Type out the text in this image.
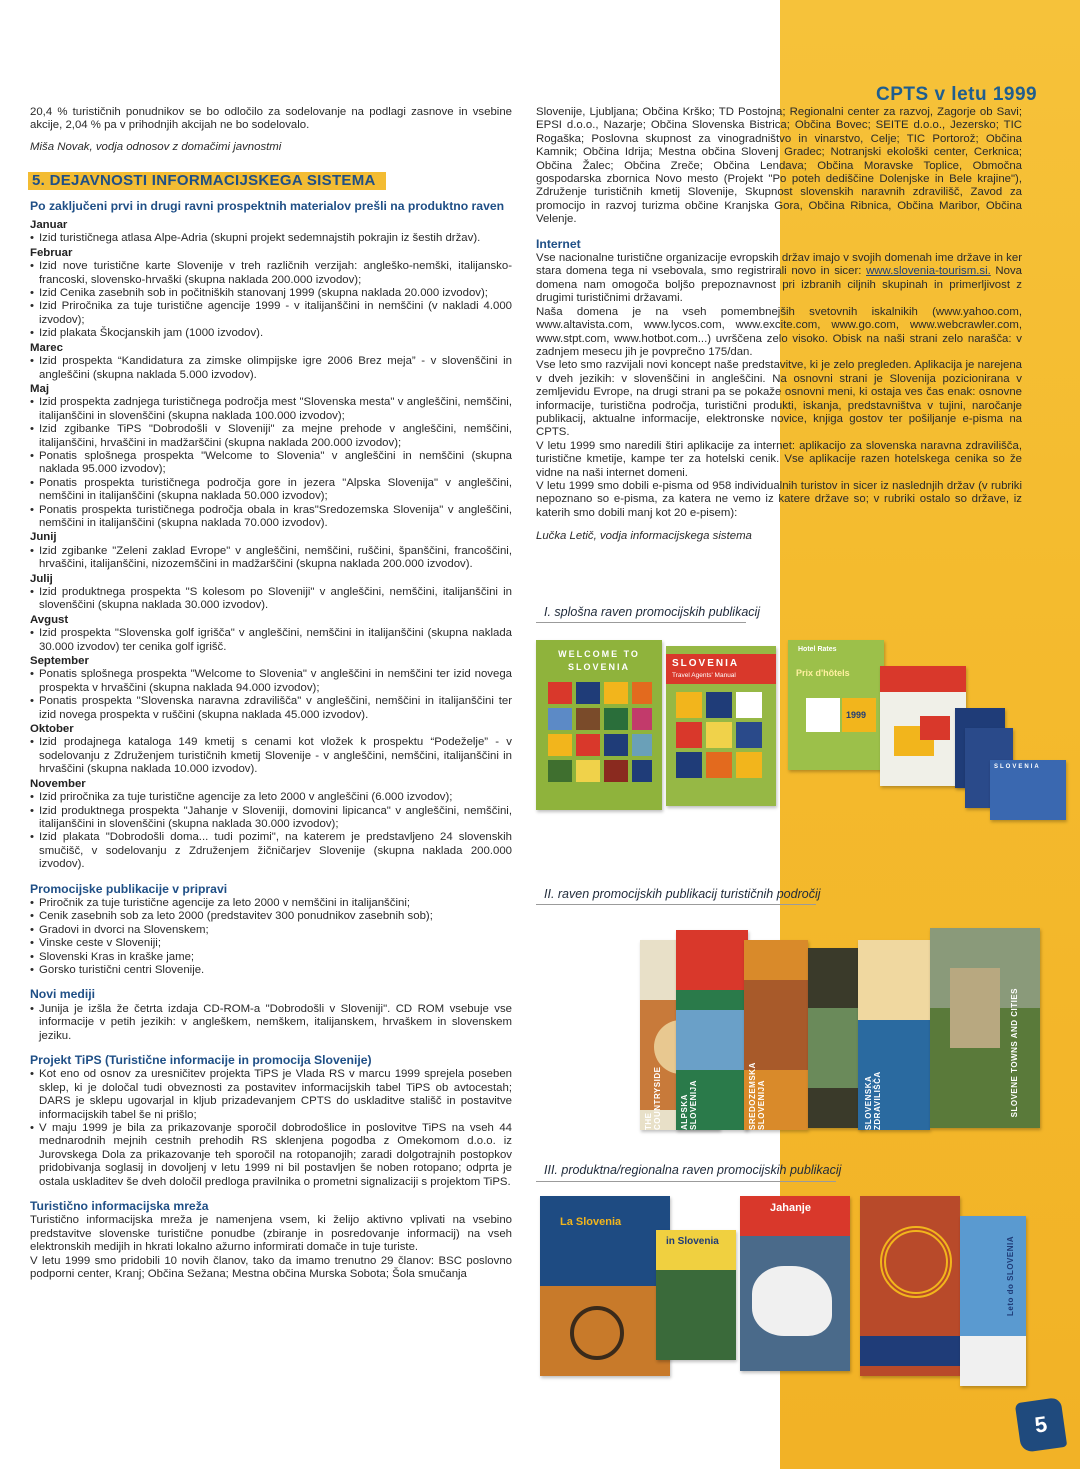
CPTS v letu 1999

20,4 % turističnih ponudnikov se bo odločilo za sodelovanje na podlagi zasnove in vsebine akcije, 2,04 % pa v prihodnjih akcijah ne bo sodelovalo.

Miša Novak, vodja odnosov z domačimi javnostmi

5. DEJAVNOSTI INFORMACIJSKEGA SISTEMA
Po zaključeni prvi in drugi ravni prospektnih materialov prešli na produktno raven
Januar
• Izid turističnega atlasa Alpe-Adria (skupni projekt sedemnajstih pokrajin iz šestih držav).
Februar
• Izid nove turistične karte Slovenije v treh različnih verzijah: angleško-nemški, italijansko-francoski, slovensko-hrvaški (skupna naklada 200.000 izvodov);
• Izid Cenika zasebnih sob in počitniških stanovanj 1999 (skupna naklada 20.000 izvodov);
• Izid Priročnika za tuje turistične agencije 1999 - v italijanščini in nemščini (v nakladi 4.000 izvodov);
• Izid plakata Škocjanskih jam (1000 izvodov).
Marec
• Izid prospekta “Kandidatura za zimske olimpijske igre 2006 Brez meja” - v slovenščini in angleščini (skupna naklada 5.000 izvodov).
Maj
• Izid prospekta zadnjega turističnega področja mest "Slovenska mesta" v angleščini, nemščini, italijanščini in slovenščini (skupna naklada 100.000 izvodov);
• Izid zgibanke TiPS "Dobrodošli v Sloveniji" za mejne prehode v angleščini, nemščini, italijanščini, hrvaščini in madžarščini (skupna naklada 200.000 izvodov);
• Ponatis splošnega prospekta "Welcome to Slovenia" v angleščini in nemščini (skupna naklada 95.000 izvodov);
• Ponatis prospekta turističnega področja gore in jezera "Alpska Slovenija" v angleščini, nemščini in italijanščini (skupna naklada 50.000 izvodov);
• Ponatis prospekta turističnega področja obala in kras"Sredozemska Slovenija" v angleščini, nemščini in italijanščini (skupna naklada 70.000 izvodov).
Junij
• Izid zgibanke "Zeleni zaklad Evrope" v angleščini, nemščini, ruščini, španščini, francoščini, hrvaščini, italijanščini, nizozemščini in madžarščini (skupna naklada 200.000 izvodov).
Julij
• Izid produktnega prospekta "S kolesom po Sloveniji" v angleščini, nemščini, italijanščini in slovenščini (skupna naklada 30.000 izvodov).
Avgust
• Izid prospekta "Slovenska golf igrišča" v angleščini, nemščini in italijanščini (skupna naklada 30.000 izvodov) ter cenika golf igrišč.
September
• Ponatis splošnega prospekta "Welcome to Slovenia" v angleščini in nemščini ter izid novega prospekta v hrvaščini (skupna naklada 94.000 izvodov);
• Ponatis prospekta "Slovenska naravna zdravilišča" v angleščini, nemščini in italijanščini ter izid novega prospekta v ruščini (skupna naklada 45.000 izvodov).
Oktober
• Izid prodajnega kataloga 149 kmetij s cenami kot vložek k prospektu “Podeželje” - v sodelovanju z Združenjem turističnih kmetij Slovenije - v angleščini, nemščini, italijanščini in hrvaščini (skupna naklada 10.000 izvodov).
November
• Izid priročnika za tuje turistične agencije za leto 2000 v angleščini (6.000 izvodov);
• Izid produktnega prospekta "Jahanje v Sloveniji, domovini lipicanca" v angleščini, nemščini, italijanščini in slovenščini (skupna naklada 30.000 izvodov);
• Izid plakata "Dobrodošli doma... tudi pozimi", na katerem je predstavljeno 24 slovenskih smučišč, v sodelovanju z Združenjem žičničarjev Slovenije (skupna naklada 200.000 izvodov).
Promocijske publikacije v pripravi
• Priročnik za tuje turistične agencije za leto 2000 v nemščini in italijanščini;
• Cenik zasebnih sob za leto 2000 (predstavitev 300 ponudnikov zasebnih sob);
• Gradovi in dvorci na Slovenskem;
• Vinske ceste v Sloveniji;
• Slovenski Kras in kraške jame;
• Gorsko turistični centri Slovenije.
Novi mediji
• Junija je izšla že četrta izdaja CD-ROM-a "Dobrodošli v Sloveniji". CD ROM vsebuje vse informacije v petih jezikih: v angleškem, nemškem, italijanskem, hrvaškem in slovenskem jeziku.
Projekt TiPS (Turistične informacije in promocija Slovenije)
• Kot eno od osnov za uresničitev projekta TiPS je Vlada RS v marcu 1999 sprejela poseben sklep, ki je določal tudi obveznosti za postavitev informacijskih tabel TiPS ob avtocestah; DARS je sklepu ugovarjal in kljub prizadevanjem CPTS do uskladitve stališč in postavitve informacijskih tabel še ni prišlo;
• V maju 1999 je bila za prikazovanje sporočil dobrodošlice in poslovitve TiPS na vseh 44 mednarodnih mejnih cestnih prehodih RS sklenjena pogodba z Omekomom d.o.o. iz Jurovskega Dola za prikazovanje teh sporočil na rotopanojih; zaradi dolgotrajnih postopkov pridobivanja soglasij in dovoljenj v letu 1999 ni bil postavljen še noben rotopano; odprta je ostala uskladitev še dveh določil predloga pravilnika o prometni signalizaciji s projektom TiPS.
Turistično informacijska mreža

Turistično informacijska mreža je namenjena vsem, ki želijo aktivno vplivati na vsebino predstavitve slovenske turistične ponudbe (zbiranje in posredovanje informacij) na vseh elektronskih medijih in hkrati lokalno ažurno informirati domače in tuje turiste.

V letu 1999 smo pridobili 10 novih članov, tako da imamo trenutno 29 članov: BSC poslovno podporni center, Kranj; Občina Sežana; Mestna občina Murska Sobota; Šola smučanja

Slovenije, Ljubljana; Občina Krško; TD Postojna; Regionalni center za razvoj, Zagorje ob Savi; EPSI d.o.o., Nazarje; Občina Slovenska Bistrica; Občina Bovec; SEITE d.o.o., Jezersko; TIC Rogaška; Poslovna skupnost za vinogradništvo in vinarstvo, Celje; TIC Portorož; Občina Kamnik; Občina Idrija; Mestna občina Slovenj Gradec; Notranjski ekološki center, Cerknica; Občina Žalec; Občina Zreče; Občina Lendava; Občina Moravske Toplice, Območna gospodarska zbornica Novo mesto (Projekt "Po poteh dediščine Dolenjske in Bele krajine"), Združenje turističnih kmetij Slovenije, Skupnost slovenskih naravnih zdravilišč, Zavod za promocijo in razvoj turizma občine Kranjska Gora, Občina Ribnica, Občina Maribor, Občina Velenje.

Internet

Vse nacionalne turistične organizacije evropskih držav imajo v svojih domenah ime države in ker stara domena tega ni vsebovala, smo registrirali novo in sicer: www.slovenia-tourism.si. Nova domena nam omogoča boljšo prepoznavnost pri izbranih ciljnih skupinah in primerljivost z drugimi turističnimi državami.

Naša domena je na vseh pomembnejših svetovnih iskalnikih (www.yahoo.com, www.altavista.com, www.lycos.com, www.excite.com, www.go.com, www.webcrawler.com, www.stpt.com, www.hotbot.com...) uvrščena zelo visoko. Obisk na naši strani zelo narašča: v zadnjem mesecu jih je povprečno 175/dan.

Vse leto smo razvijali novi koncept naše predstavitve, ki je zelo pregleden. Aplikacija je narejena v dveh jezikih: v slovenščini in angleščini. Na osnovni strani je Slovenija pozicionirana v zemljevidu Evrope, na drugi strani pa se pokaže osnovni meni, ki ostaja ves čas enak: osnovne informacije, turistična področja, turistični produkti, iskanja, predstavništva v tujini, naročanje publikacij, aktualne informacije, elektronske novice, knjiga gostov ter pošiljanje e-pisma na CPTS.

V letu 1999 smo naredili štiri aplikacije za internet: aplikacijo za slovenska naravna zdravilišča, turistične kmetije, kampe ter za hotelski cenik. Vse aplikacije razen hotelskega cenika so že vidne na naši internet domeni.

V letu 1999 smo dobili e-pisma od 958 individualnih turistov in sicer iz naslednjih držav (v rubriki nepoznano so e-pisma, za katera ne vemo iz katere države so; v rubriki ostalo so države, iz katerih smo dobili manj kot 20 e-pisem):

Lučka Letič, vodja informacijskega sistema

I. splošna raven promocijskih publikacij
WELCOME TO SLOVENIA	SLOVENIA
Travel Agents' Manual
Hotel Rates
Prix d'hôtels
1999
SLOVENIA
II. raven promocijskih publikacij turističnih področij
THE COUNTRYSIDE ALPSKA SLOVENIJA	SREDOZEMSKA SLOVENIJA	SLOVENSKA ZDRAVILIŠČA	SLOVENE TOWNS AND CITIES
III. produktna/regionalna raven promocijskih publikacij
La Slovenia
in Slovenia
Jahanje
Leto do SLOVENIA
5
